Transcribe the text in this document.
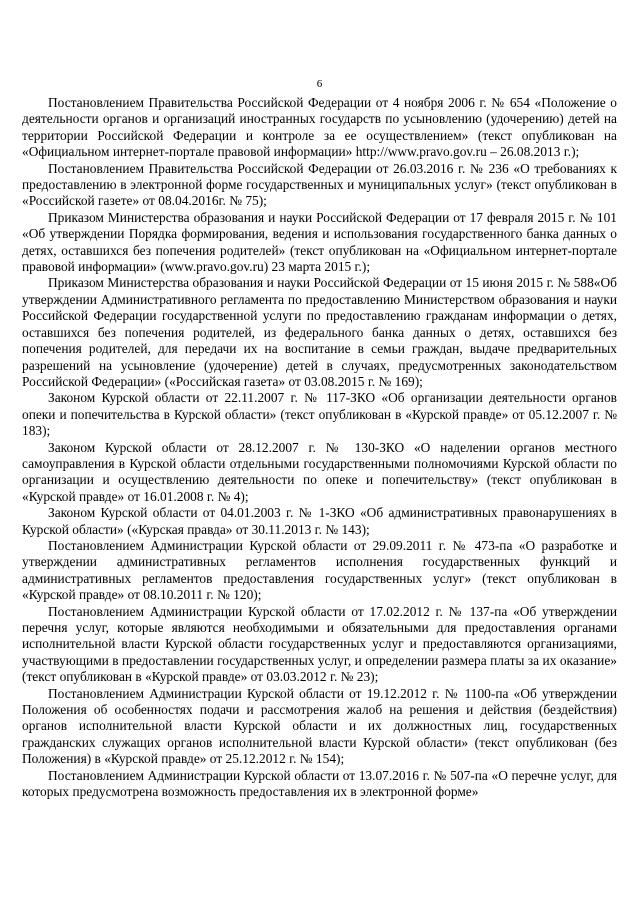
6

Постановлением Правительства Российской Федерации от 4 ноября 2006 г. № 654 «Положение о деятельности органов и организаций иностранных государств по усыновлению (удочерению) детей на территории Российской Федерации и контроле за ее осуществлением» (текст опубликован на «Официальном интернет-портале правовой информации» http://www.pravo.gov.ru – 26.08.2013 г.);

Постановлением Правительства Российской Федерации от 26.03.2016 г. № 236 «О требованиях к предоставлению в электронной форме государственных и муниципальных услуг» (текст опубликован в «Российской газете» от 08.04.2016г. № 75);

Приказом Министерства образования и науки Российской Федерации от 17 февраля 2015 г. № 101 «Об утверждении Порядка формирования, ведения и использования государственного банка данных о детях, оставшихся без попечения родителей» (текст опубликован на «Официальном интернет-портале правовой информации» (www.pravo.gov.ru) 23 марта 2015 г.);

Приказом Министерства образования и науки Российской Федерации от 15 июня 2015 г. № 588«Об утверждении Административного регламента по предоставлению Министерством образования и науки Российской Федерации государственной услуги по предоставлению гражданам информации о детях, оставшихся без попечения родителей, из федерального банка данных о детях, оставшихся без попечения родителей, для передачи их на воспитание в семьи граждан, выдаче предварительных разрешений на усыновление (удочерение) детей в случаях, предусмотренных законодательством Российской Федерации» («Российская газета» от 03.08.2015 г. № 169);

Законом Курской области от 22.11.2007 г. № 117-ЗКО «Об организации деятельности органов опеки и попечительства в Курской области» (текст опубликован в «Курской правде» от 05.12.2007 г. № 183);

Законом Курской области от 28.12.2007 г. № 130-ЗКО «О наделении органов местного самоуправления в Курской области отдельными государственными полномочиями Курской области по организации и осуществлению деятельности по опеке и попечительству» (текст опубликован в «Курской правде» от 16.01.2008 г. № 4);

Законом Курской области от 04.01.2003 г. № 1-ЗКО «Об административных правонарушениях в Курской области» («Курская правда» от 30.11.2013 г. № 143);

Постановлением Администрации Курской области от 29.09.2011 г. № 473-па «О разработке и утверждении административных регламентов исполнения государственных функций и административных регламентов предоставления государственных услуг» (текст опубликован в «Курской правде» от 08.10.2011 г. № 120);

Постановлением Администрации Курской области от 17.02.2012 г. № 137-па «Об утверждении перечня услуг, которые являются необходимыми и обязательными для предоставления органами исполнительной власти Курской области государственных услуг и предоставляются организациями, участвующими в предоставлении государственных услуг, и определении размера платы за их оказание» (текст опубликован в «Курской правде» от 03.03.2012 г. № 23);

Постановлением Администрации Курской области от 19.12.2012 г. № 1100-па «Об утверждении Положения об особенностях подачи и рассмотрения жалоб на решения и действия (бездействия) органов исполнительной власти Курской области и их должностных лиц, государственных гражданских служащих органов исполнительной власти Курской области» (текст опубликован (без Положения) в «Курской правде» от 25.12.2012 г. № 154);

Постановлением Администрации Курской области от 13.07.2016 г. № 507-па «О перечне услуг, для которых предусмотрена возможность предоставления их в электронной форме»
